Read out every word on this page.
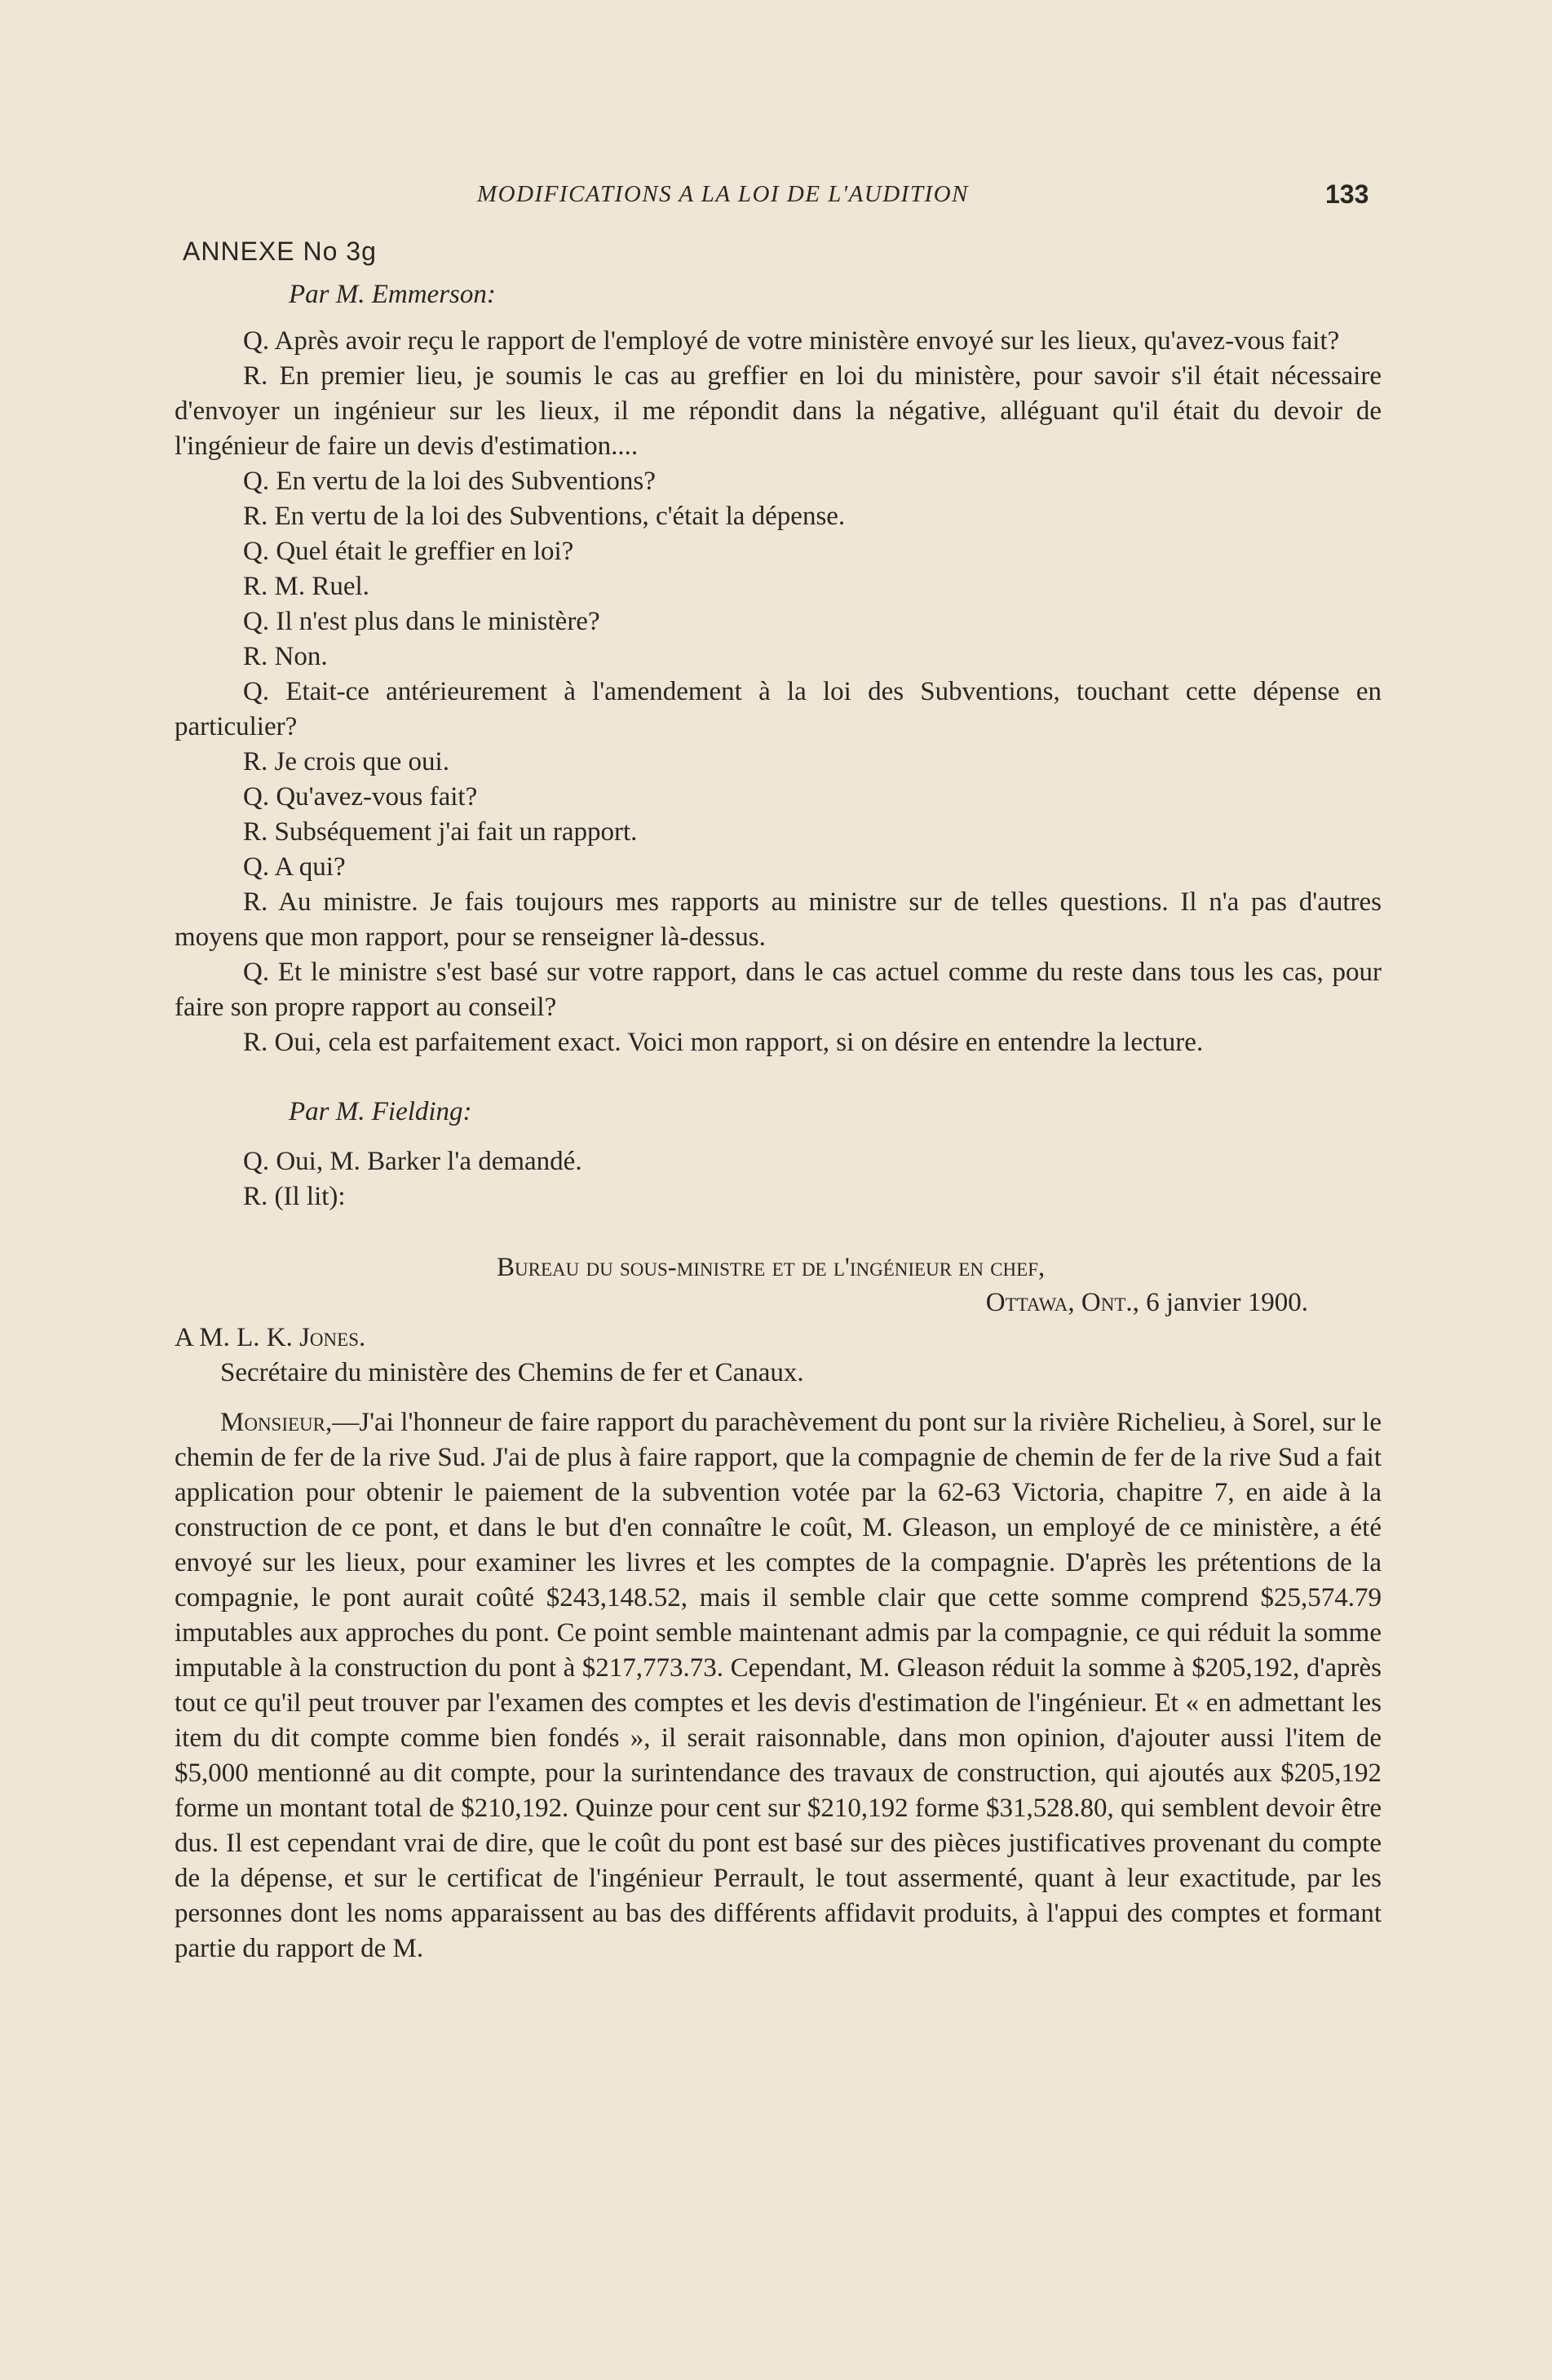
MODIFICATIONS A LA LOI DE L'AUDITION	133
ANNEXE No 3g

Par M. Emmerson:

Q. Après avoir reçu le rapport de l'employé de votre ministère envoyé sur les lieux, qu'avez-vous fait?

R. En premier lieu, je soumis le cas au greffier en loi du ministère, pour savoir s'il était nécessaire d'envoyer un ingénieur sur les lieux, il me répondit dans la négative, alléguant qu'il était du devoir de l'ingénieur de faire un devis d'estimation....

Q. En vertu de la loi des Subventions?

R. En vertu de la loi des Subventions, c'était la dépense.

Q. Quel était le greffier en loi?

R. M. Ruel.

Q. Il n'est plus dans le ministère?

R. Non.

Q. Etait-ce antérieurement à l'amendement à la loi des Subventions, touchant cette dépense en particulier?

R. Je crois que oui.

Q. Qu'avez-vous fait?

R. Subséquement j'ai fait un rapport.

Q. A qui?

R. Au ministre. Je fais toujours mes rapports au ministre sur de telles questions. Il n'a pas d'autres moyens que mon rapport, pour se renseigner là-dessus.

Q. Et le ministre s'est basé sur votre rapport, dans le cas actuel comme du reste dans tous les cas, pour faire son propre rapport au conseil?

R. Oui, cela est parfaitement exact. Voici mon rapport, si on désire en entendre la lecture.

Par M. Fielding:

Q. Oui, M. Barker l'a demandé.

R. (Il lit):

Bureau du sous-ministre et de l'ingénieur en chef,

Ottawa, Ont., 6 janvier 1900.

A M. L. K. Jones.

Secrétaire du ministère des Chemins de fer et Canaux.

Monsieur,—J'ai l'honneur de faire rapport du parachèvement du pont sur la rivière Richelieu, à Sorel, sur le chemin de fer de la rive Sud. J'ai de plus à faire rapport, que la compagnie de chemin de fer de la rive Sud a fait application pour obtenir le paiement de la subvention votée par la 62-63 Victoria, chapitre 7, en aide à la construction de ce pont, et dans le but d'en connaître le coût, M. Gleason, un employé de ce ministère, a été envoyé sur les lieux, pour examiner les livres et les comptes de la compagnie. D'après les prétentions de la compagnie, le pont aurait coûté $243,148.52, mais il semble clair que cette somme comprend $25,574.79 imputables aux approches du pont. Ce point semble maintenant admis par la compagnie, ce qui réduit la somme imputable à la construction du pont à $217,773.73. Cependant, M. Gleason réduit la somme à $205,192, d'après tout ce qu'il peut trouver par l'examen des comptes et les devis d'estimation de l'ingénieur. Et « en admettant les item du dit compte comme bien fondés », il serait raisonnable, dans mon opinion, d'ajouter aussi l'item de $5,000 mentionné au dit compte, pour la surintendance des travaux de construction, qui ajoutés aux $205,192 forme un montant total de $210,192. Quinze pour cent sur $210,192 forme $31,528.80, qui semblent devoir être dus. Il est cependant vrai de dire, que le coût du pont est basé sur des pièces justificatives provenant du compte de la dépense, et sur le certificat de l'ingénieur Perrault, le tout assermenté, quant à leur exactitude, par les personnes dont les noms apparaissent au bas des différents affidavit produits, à l'appui des comptes et formant partie du rapport de M.
